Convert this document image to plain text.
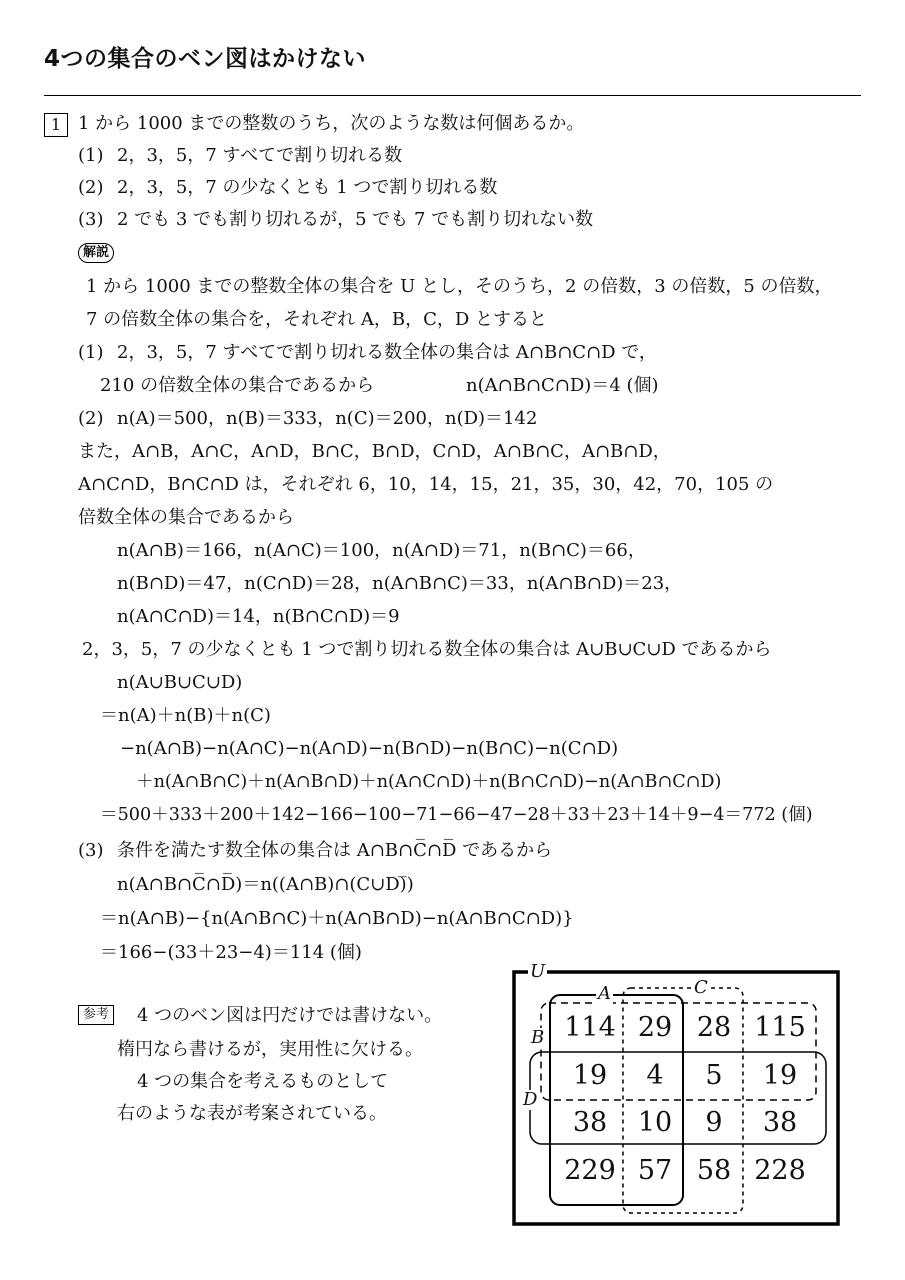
4つの集合のベン図はかけない
1 1 から 1000 までの整数のうち，次のような数は何個あるか。
(1) 2，3，5，7 すべてで割り切れる数
(2) 2，3，5，7 の少なくとも 1 つで割り切れる数
(3) 2 でも 3 でも割り切れるが，5 でも 7 でも割り切れない数
解説
1 から 1000 までの整数全体の集合を U とし，そのうち，2 の倍数，3 の倍数，5 の倍数，
7 の倍数全体の集合を，それぞれ A，B，C，D とすると
(1) 2，3，5，7 すべてで割り切れる数全体の集合は A∩B∩C∩D で，
210 の倍数全体の集合であるから	n(A∩B∩C∩D)＝4 (個)
(2) n(A)＝500，n(B)＝333，n(C)＝200，n(D)＝142
また，A∩B，A∩C，A∩D，B∩C，B∩D，C∩D，A∩B∩C，A∩B∩D，
A∩C∩D，B∩C∩D は，それぞれ 6，10，14，15，21，35，30，42，70，105 の
倍数全体の集合であるから
n(A∩B)＝166，n(A∩C)＝100，n(A∩D)＝71，n(B∩C)＝66，
n(B∩D)＝47，n(C∩D)＝28，n(A∩B∩C)＝33，n(A∩B∩D)＝23，
n(A∩C∩D)＝14，n(B∩C∩D)＝9
2，3，5，7 の少なくとも 1 つで割り切れる数全体の集合は A∪B∪C∪D であるから
n(A∪B∪C∪D)
＝n(A)＋n(B)＋n(C)
−n(A∩B)−n(A∩C)−n(A∩D)−n(B∩D)−n(B∩C)−n(C∩D)
＋n(A∩B∩C)＋n(A∩B∩D)＋n(A∩C∩D)＋n(B∩C∩D)−n(A∩B∩C∩D)
＝500＋333＋200＋142−166−100−71−66−47−28＋33＋23＋14＋9−4＝772 (個)
(3) 条件を満たす数全体の集合は A∩B∩C̅∩D̅ であるから
n(A∩B∩C̅∩D̅)＝n((A∩B)∩(C∪D)̅)
＝n(A∩B)−{n(A∩B∩C)＋n(A∩B∩D)−n(A∩B∩C∩D)}
＝166−(33＋23−4)＝114 (個)
参考 4 つのベン図は円だけでは書けない。
楕円なら書けるが，実用性に欠ける。
4 つの集合を考えるものとして
右のような表が考案されている。
U
A	C
B
D
114 29 28 115
19	4	5	19
38	10	9	38
229 57 58 228
